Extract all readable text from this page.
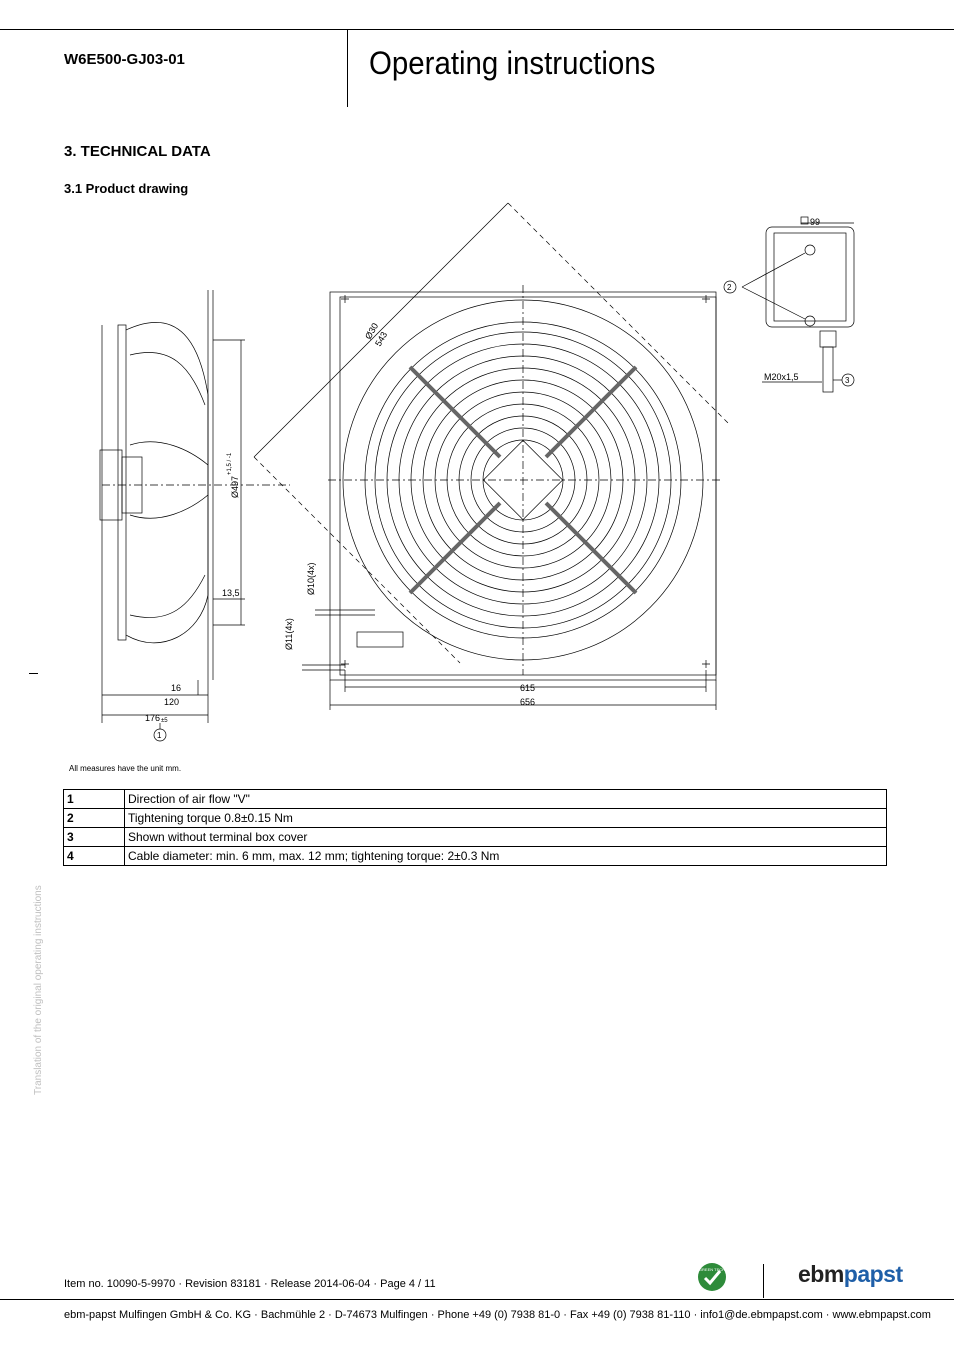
W6E500-GJ03-01	Operating instructions
3. TECHNICAL DATA
3.1 Product drawing
Ø497
+1,5 / -1
13,5
16
120
176 ±5
1
Ø30
543
Ø10(4x)
Ø11(4x)
615
656
99
M20x1,5
2
3
All measures have the unit mm.
1	Direction of air flow "V"
2	Tightening torque 0.8±0.15 Nm
3	Shown without terminal box cover
4	Cable diameter: min. 6 mm, max. 12 mm; tightening torque: 2±0.3 Nm
Translation of the original operating instructions
Item no. 10090-5-9970 · Revision 83181 · Release 2014-06-04 · Page 4 / 11
GREEN TECH	ebmpapst
ebm-papst Mulfingen GmbH & Co. KG · Bachmühle 2 · D-74673 Mulfingen · Phone +49 (0) 7938 81-0 · Fax +49 (0) 7938 81-110 · info1@de.ebmpapst.com · www.ebmpapst.com
